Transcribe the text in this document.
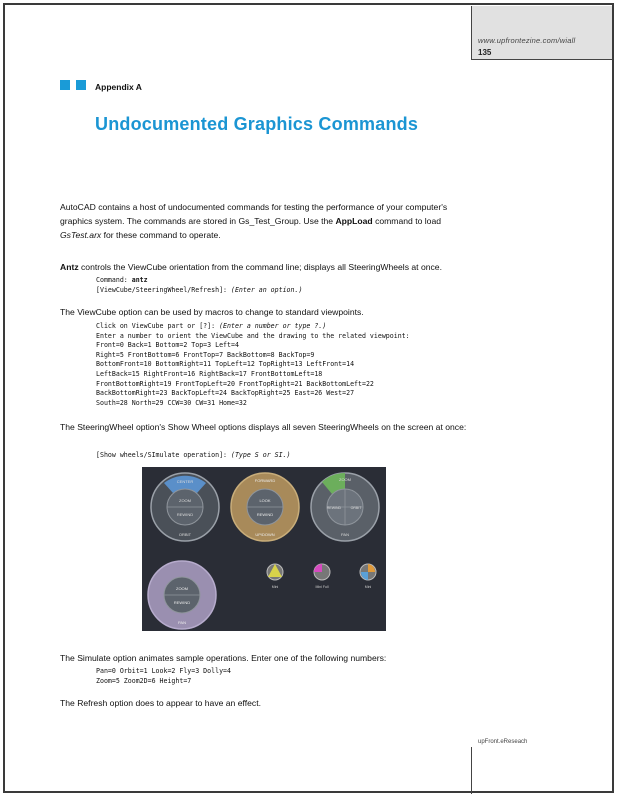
www.upfrontezine.com/wiall
135
upFront.eReseach
Appendix A
Undocumented Graphics Commands

AutoCAD contains a host of undocumented commands for testing the performance of your computer's graphics system. The commands are stored in Gs_Test_Group. Use the AppLoad command to load GsTest.arx for these command to operate.

Antz controls the ViewCube orientation from the command line; displays all SteeringWheels at once.

Command: antz
[ViewCube/SteeringWheel/Refresh]: (Enter an option.)

The ViewCube option can be used by macros to change to standard viewpoints.

Click on ViewCube part or [?]: (Enter a number or type ?.)
Enter a number to orient the ViewCube and the drawing to the related viewpoint:
Front=0 Back=1 Bottom=2 Top=3 Left=4
Right=5 FrontBottom=6 FrontTop=7 BackBottom=8 BackTop=9
BottomFront=10 BottomRight=11 TopLeft=12 TopRight=13 LeftFront=14
LeftBack=15 RightFront=16 RightBack=17 FrontBottomLeft=18
FrontBottomRight=19 FrontTopLeft=20 FrontTopRight=21 BackBottomLeft=22
BackBottomRight=23 BackTopLeft=24 BackTopRight=25 East=26 West=27
South=28 North=29 CCW=30 CW=31 Home=32

The SteeringWheel option's Show Wheel options displays all seven SteeringWheels on the screen at once:

[Show wheels/SImulate operation]: (Type S or SI.)
CENTER
ZOOM
REWIND
ORBIT
FORWARD
LOOK
REWIND
UP/DOWN
ZOOM
REWIND	ORBIT
PAN
ZOOM
REWIND
PAN
Mini	Mini Full	Mini

The Simulate option animates sample operations. Enter one of the following numbers:

Pan=0 Orbit=1 Look=2 Fly=3 Dolly=4
Zoom=5 Zoom2D=6 Height=7

The Refresh option does to appear to have an effect.
